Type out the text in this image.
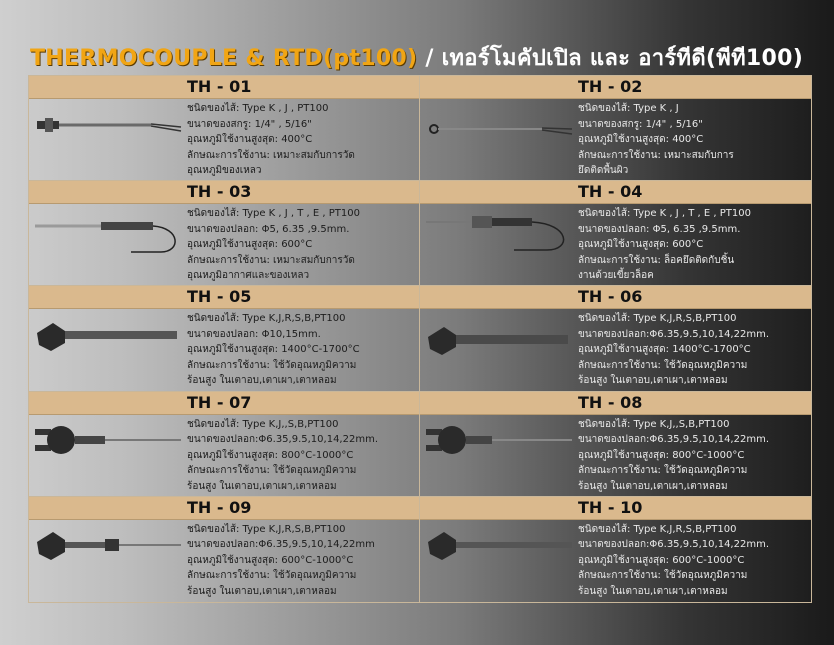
THERMOCOUPLE & RTD(pt100) / เทอร์โมคัปเปิล และ อาร์ทีดี(พีที100)
TH - 01
ชนิดของไส้: Type K , J , PT100
ขนาดของสกรู: 1/4" , 5/16"
อุณหภูมิใช้งานสูงสุด: 400°C
ลักษณะการใช้งาน: เหมาะสมกับการวัด
อุณหภูมิของเหลว
TH - 02
ชนิดของไส้: Type K , J
ขนาดของสกรู: 1/4" , 5/16"
อุณหภูมิใช้งานสูงสุด: 400°C
ลักษณะการใช้งาน: เหมาะสมกับการ
ยึดติดพื้นผิว
TH - 03
ชนิดของไส้: Type K , J , T , E , PT100
ขนาดของปลอก: Φ5, 6.35 ,9.5mm.
อุณหภูมิใช้งานสูงสุด: 600°C
ลักษณะการใช้งาน: เหมาะสมกับการวัด
อุณหภูมิอากาศและของเหลว
TH - 04
ชนิดของไส้: Type K , J , T , E , PT100
ขนาดของปลอก: Φ5, 6.35 ,9.5mm.
อุณหภูมิใช้งานสูงสุด: 600°C
ลักษณะการใช้งาน: ล็อคยึดติดกับชิ้น
งานด้วยเขี้ยวล็อค
TH - 05
ชนิดของไส้: Type K,J,R,S,B,PT100
ขนาดของปลอก: Φ10,15mm.
อุณหภูมิใช้งานสูงสุด: 1400°C-1700°C
ลักษณะการใช้งาน: ใช้วัดอุณหภูมิความ
ร้อนสูง ในเตาอบ,เตาเผา,เตาหลอม
TH - 06
ชนิดของไส้: Type K,J,R,S,B,PT100
ขนาดของปลอก:Φ6.35,9.5,10,14,22mm.
อุณหภูมิใช้งานสูงสุด: 1400°C-1700°C
ลักษณะการใช้งาน: ใช้วัดอุณหภูมิความ
ร้อนสูง ในเตาอบ,เตาเผา,เตาหลอม
TH - 07
ชนิดของไส้: Type K,J,,S,B,PT100
ขนาดของปลอก:Φ6.35,9.5,10,14,22mm.
อุณหภูมิใช้งานสูงสุด: 800°C-1000°C
ลักษณะการใช้งาน: ใช้วัดอุณหภูมิความ
ร้อนสูง ในเตาอบ,เตาเผา,เตาหลอม
TH - 08
ชนิดของไส้: Type K,J,,S,B,PT100
ขนาดของปลอก:Φ6.35,9.5,10,14,22mm.
อุณหภูมิใช้งานสูงสุด: 800°C-1000°C
ลักษณะการใช้งาน: ใช้วัดอุณหภูมิความ
ร้อนสูง ในเตาอบ,เตาเผา,เตาหลอม
TH - 09
ชนิดของไส้: Type K,J,R,S,B,PT100
ขนาดของปลอก:Φ6.35,9.5,10,14,22mm
อุณหภูมิใช้งานสูงสุด: 600°C-1000°C
ลักษณะการใช้งาน: ใช้วัดอุณหภูมิความ
ร้อนสูง ในเตาอบ,เตาเผา,เตาหลอม
TH - 10
ชนิดของไส้: Type K,J,R,S,B,PT100
ขนาดของปลอก:Φ6.35,9.5,10,14,22mm.
อุณหภูมิใช้งานสูงสุด: 600°C-1000°C
ลักษณะการใช้งาน: ใช้วัดอุณหภูมิความ
ร้อนสูง ในเตาอบ,เตาเผา,เตาหลอม
